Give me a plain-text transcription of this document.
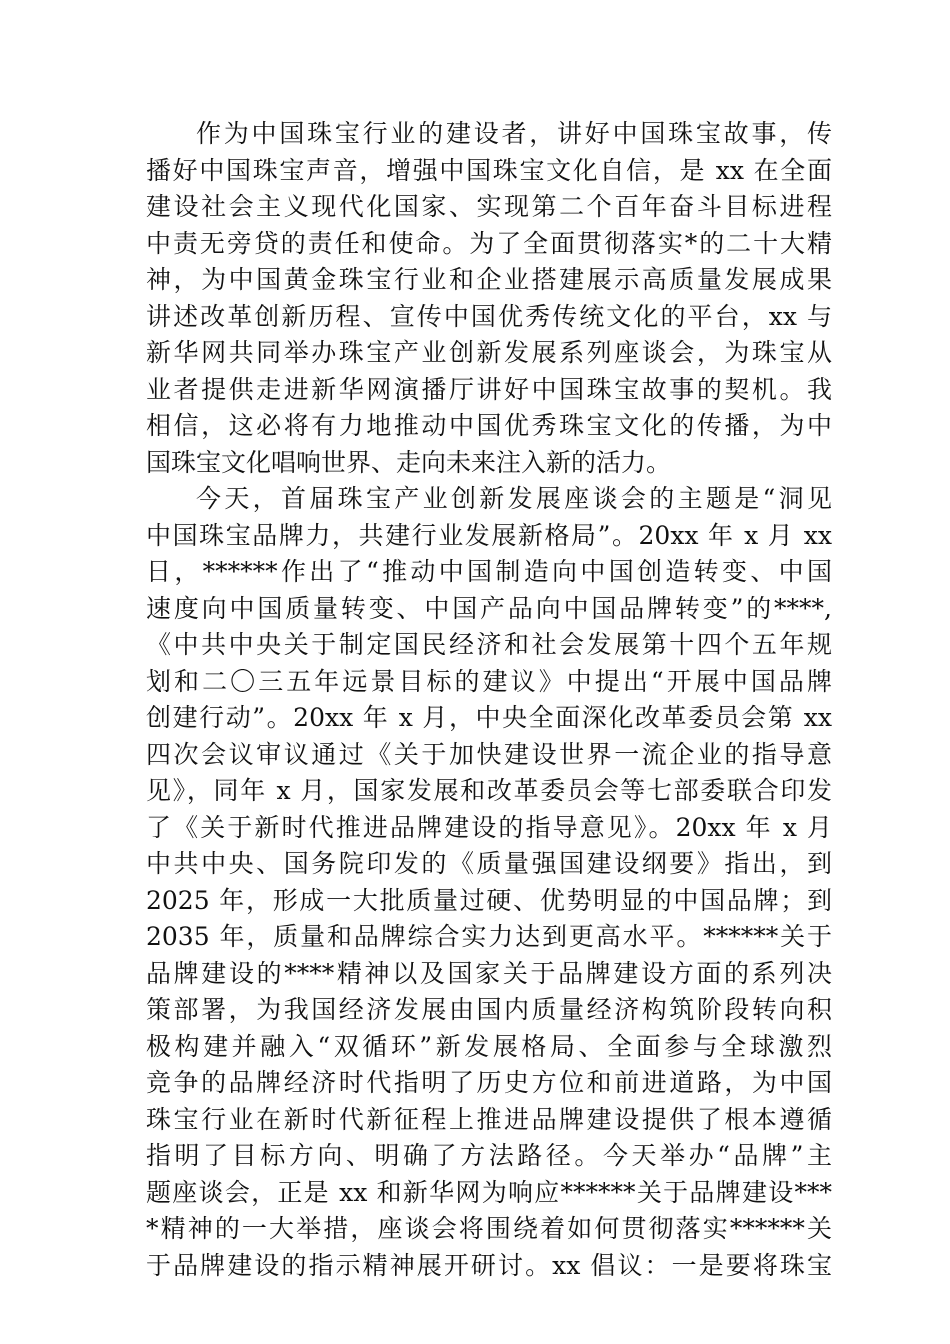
作为中国珠宝行业的建设者，讲好中国珠宝故事，传
播好中国珠宝声音，增强中国珠宝文化自信，是 xx 在全面
建设社会主义现代化国家、实现第二个百年奋斗目标进程
中责无旁贷的责任和使命。为了全面贯彻落实*的二十大精
神，为中国黄金珠宝行业和企业搭建展示高质量发展成果
讲述改革创新历程、宣传中国优秀传统文化的平台，xx 与
新华网共同举办珠宝产业创新发展系列座谈会，为珠宝从
业者提供走进新华网演播厅讲好中国珠宝故事的契机。我
相信，这必将有力地推动中国优秀珠宝文化的传播，为中
国珠宝文化唱响世界、走向未来注入新的活力。
今天，首届珠宝产业创新发展座谈会的主题是“洞见
中国珠宝品牌力，共建行业发展新格局”。20xx 年 x 月 xx
日，******作出了“推动中国制造向中国创造转变、中国
速度向中国质量转变、中国产品向中国品牌转变”的****,
《中共中央关于制定国民经济和社会发展第十四个五年规
划和二〇三五年远景目标的建议》中提出“开展中国品牌
创建行动”。20xx 年 x 月，中央全面深化改革委员会第 xx
四次会议审议通过《关于加快建设世界一流企业的指导意
见》，同年 x 月，国家发展和改革委员会等七部委联合印发
了《关于新时代推进品牌建设的指导意见》。20xx 年 x 月
中共中央、国务院印发的《质量强国建设纲要》指出，到
2025 年，形成一大批质量过硬、优势明显的中国品牌；到
2035 年，质量和品牌综合实力达到更高水平。******关于
品牌建设的****精神以及国家关于品牌建设方面的系列决
策部署，为我国经济发展由国内质量经济构筑阶段转向积
极构建并融入“双循环”新发展格局、全面参与全球激烈
竞争的品牌经济时代指明了历史方位和前进道路，为中国
珠宝行业在新时代新征程上推进品牌建设提供了根本遵循
指明了目标方向、明确了方法路径。今天举办“品牌”主
题座谈会，正是 xx 和新华网为响应******关于品牌建设***
*精神的一大举措，座谈会将围绕着如何贯彻落实******关
于品牌建设的指示精神展开研讨。xx 倡议：一是要将珠宝
